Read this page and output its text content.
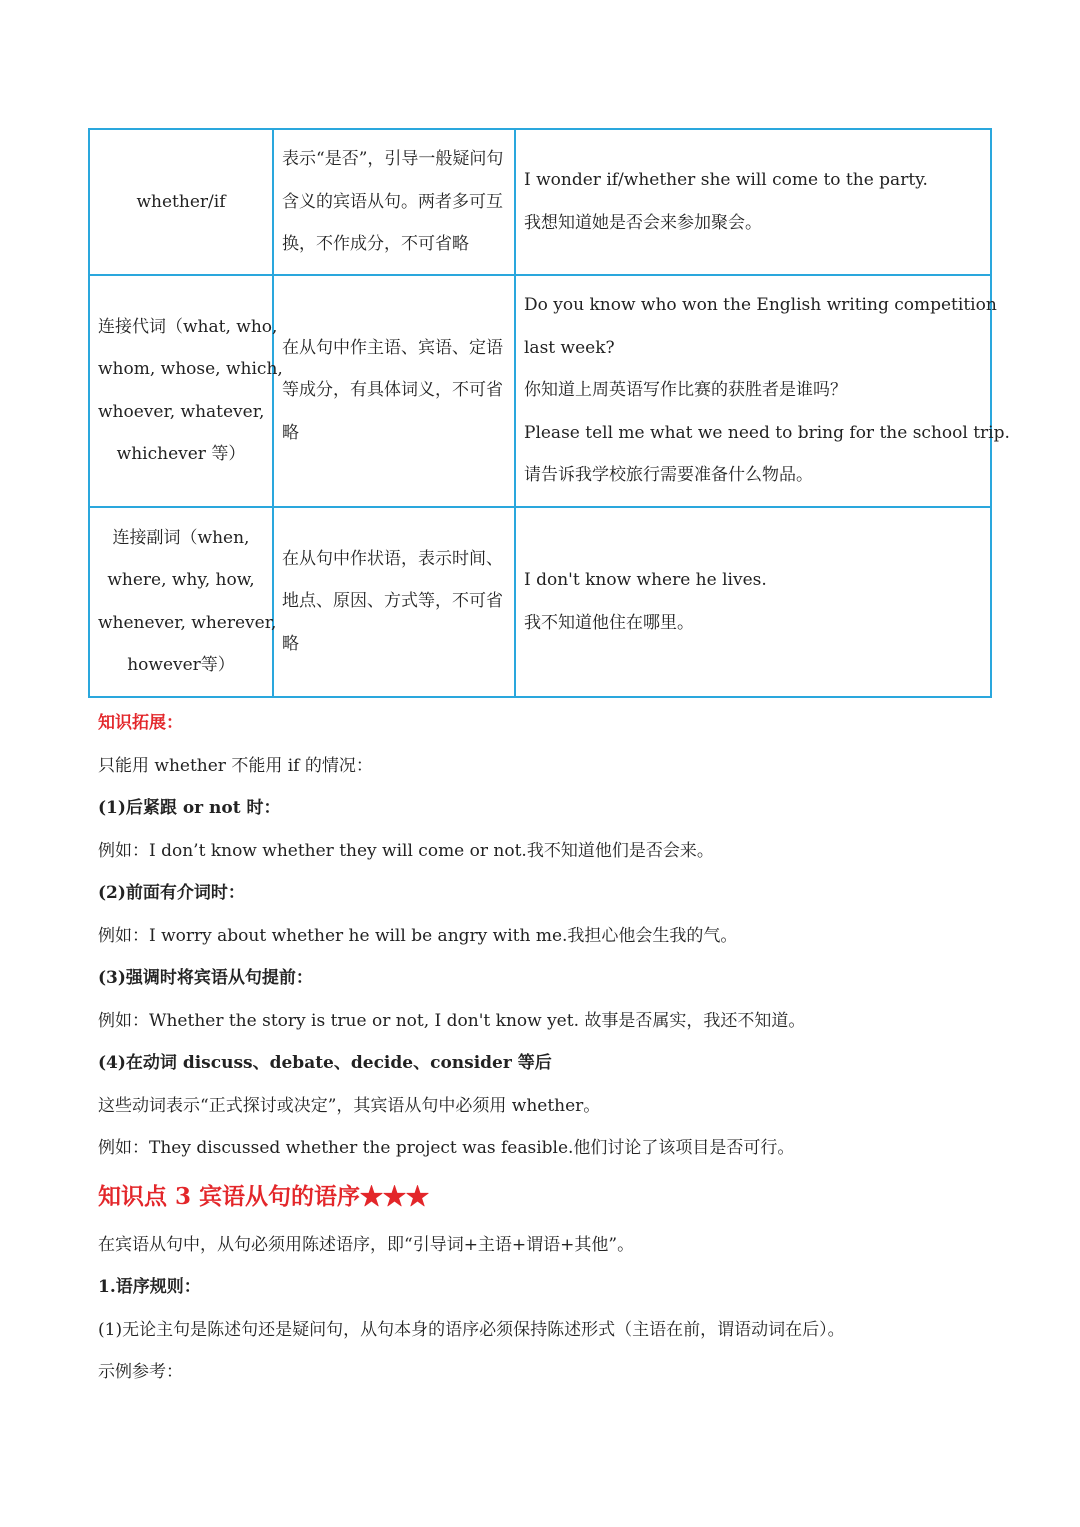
whether/if	表示“是否”，引导一般疑问句
含义的宾语从句。两者多可互
换，不作成分，不可省略	I wonder if/whether she will come to the party.
我想知道她是否会来参加聚会。

连接代词（what, who,
whom, whose, which,
whoever, whatever,
whichever 等）	在从句中作主语、宾语、定语
等成分，有具体词义，不可省
略	Do you know who won the English writing competition
last week?
你知道上周英语写作比赛的获胜者是谁吗？
Please tell me what we need to bring for the school trip.
请告诉我学校旅行需要准备什么物品。

连接副词（when,
where, why, how,
whenever, wherever,
however等）	在从句中作状语，表示时间、
地点、原因、方式等，不可省
略	I don't know where he lives.
我不知道他住在哪里。
知识拓展：
只能用 whether 不能用 if 的情况：
(1)后紧跟 or not 时：
例如：I don’t know whether they will come or not.我不知道他们是否会来。
(2)前面有介词时：
例如：I worry about whether he will be angry with me.我担心他会生我的气。
(3)强调时将宾语从句提前：
例如：Whether the story is true or not, I don't know yet. 故事是否属实，我还不知道。
(4)在动词 discuss、debate、decide、consider 等后
这些动词表示“正式探讨或决定”，其宾语从句中必须用 whether。
例如：They discussed whether the project was feasible.他们讨论了该项目是否可行。
知识点 3 宾语从句的语序★★★
在宾语从句中，从句必须用陈述语序，即“引导词+主语+谓语+其他”。
1.语序规则：
(1)无论主句是陈述句还是疑问句，从句本身的语序必须保持陈述形式（主语在前，谓语动词在后）。
示例参考：
